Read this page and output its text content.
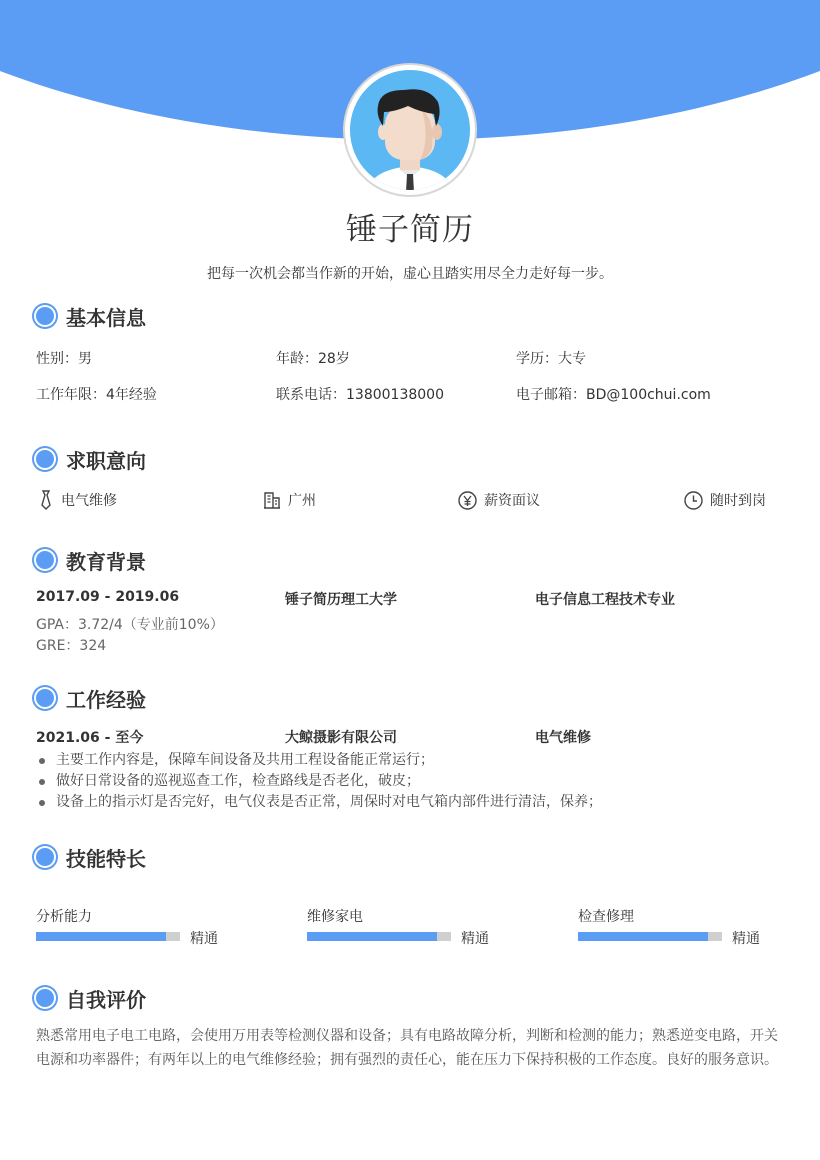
锤子简历
把每一次机会都当作新的开始，虚心且踏实用尽全力走好每一步。
基本信息
性别：男	年龄：28岁	学历：大专
工作年限：4年经验	联系电话：13800138000	电子邮箱：BD@100chui.com
求职意向
电气维修	广州	薪资面议	随时到岗
教育背景
2017.09 - 2019.06	锤子简历理工大学	电子信息工程技术专业
GPA：3.72/4（专业前10%）
GRE：324
工作经验
2021.06 - 至今	大鲸摄影有限公司	电气维修
主要工作内容是，保障车间设备及共用工程设备能正常运行；
做好日常设备的巡视巡查工作，检查路线是否老化，破皮；
设备上的指示灯是否完好，电气仪表是否正常，周保时对电气箱内部件进行清洁，保养；
技能特长
分析能力
精通
维修家电
精通
检查修理
精通
自我评价
熟悉常用电子电工电路，会使用万用表等检测仪器和设备；具有电路故障分析，判断和检测的能力；熟悉逆变电路，开关电源和功率器件；有两年以上的电气维修经验；拥有强烈的责任心，能在压力下保持积极的工作态度。良好的服务意识。
